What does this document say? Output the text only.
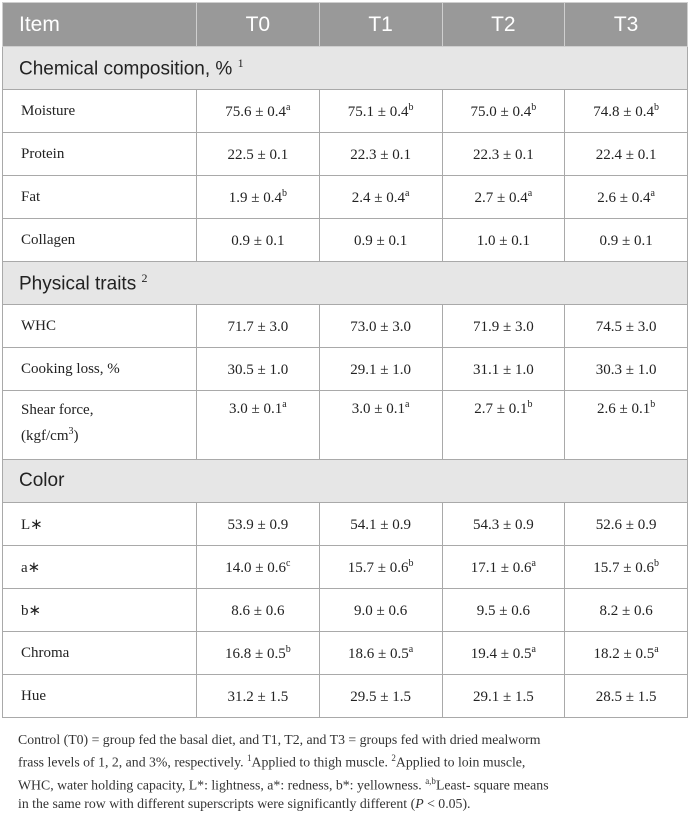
Item	T0	T1	T2	T3
Chemical composition, % $^1$
Moisture	75.6 ± 0.4$^a$	75.1 ± 0.4$^b$	75.0 ± 0.4$^b$	74.8 ± 0.4$^b$
Protein	22.5 ± 0.1	22.3 ± 0.1	22.3 ± 0.1	22.4 ± 0.1
Fat	1.9 ± 0.4$^b$	2.4 ± 0.4$^a$	2.7 ± 0.4$^a$	2.6 ± 0.4$^a$
Collagen	0.9 ± 0.1	0.9 ± 0.1	1.0 ± 0.1	0.9 ± 0.1
Physical traits $^2$
WHC	71.7 ± 3.0	73.0 ± 3.0	71.9 ± 3.0	74.5 ± 3.0
Cooking loss, %	30.5 ± 1.0	29.1 ± 1.0	31.1 ± 1.0	30.3 ± 1.0

Shear force,
$(kgf/cm^3)$	3.0 ± 0.1$^a$	3.0 ± 0.1$^a$	2.7 ± 0.1$^b$	2.6 ± 0.1$^b$
Color				
L∗	53.9 ± 0.9	54.1 ± 0.9	54.3 ± 0.9	52.6 ± 0.9
a∗	14.0 ± 0.6$^c$	15.7 ± 0.6$^b$	17.1 ± 0.6$^a$	15.7 ± 0.6$^b$
b∗	8.6 ± 0.6	9.0 ± 0.6	9.5 ± 0.6	8.2 ± 0.6
Chroma	16.8 ± 0.5$^b$	18.6 ± 0.5$^a$	19.4 ± 0.5$^a$	18.2 ± 0.5$^a$
Hue	31.2 ± 1.5	29.5 ± 1.5	29.1 ± 1.5	28.5 ± 1.5

Control (T0) = group fed the basal diet, and T1, T2, and T3 = groups fed with dried mealworm

frass levels of 1, 2, and 3%, respectively. $^1$Applied to thigh muscle. $^2$Applied to loin muscle,

WHC, water holding capacity, L*: lightness, a*: redness, b*: yellowness. $^{a,b}$Least- square means

in the same row with different superscripts were significantly different (P < 0.05).
